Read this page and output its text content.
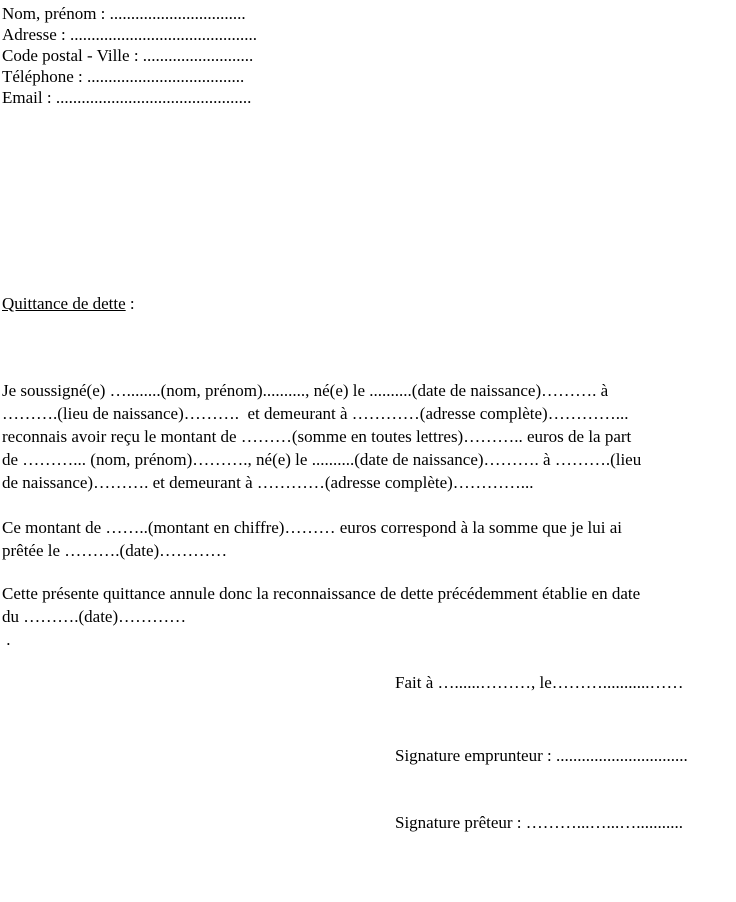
Nom, prénom : ................................
Adresse : ............................................
Code postal - Ville : ..........................
Téléphone : .....................................
Email : ..............................................
Quittance de dette :
Je soussigné(e) …........(nom, prénom).........., né(e) le ..........(date de naissance)………. à
……….(lieu de naissance)……….  et demeurant à …………(adresse complète)…………...
reconnais avoir reçu le montant de ………(somme en toutes lettres)……….. euros de la part
de ………... (nom, prénom)………., né(e) le ..........(date de naissance)………. à ……….(lieu
de naissance)………. et demeurant à …………(adresse complète)…………...
Ce montant de ……..(montant en chiffre)……… euros correspond à la somme que je lui ai
prêtée le ……….(date)…………
Cette présente quittance annule donc la reconnaissance de dette précédemment établie en date
du ……….(date)…………
.
Fait à …......………, le………...........……
Signature emprunteur : ...............................
Signature prêteur : ………...…...…...........
